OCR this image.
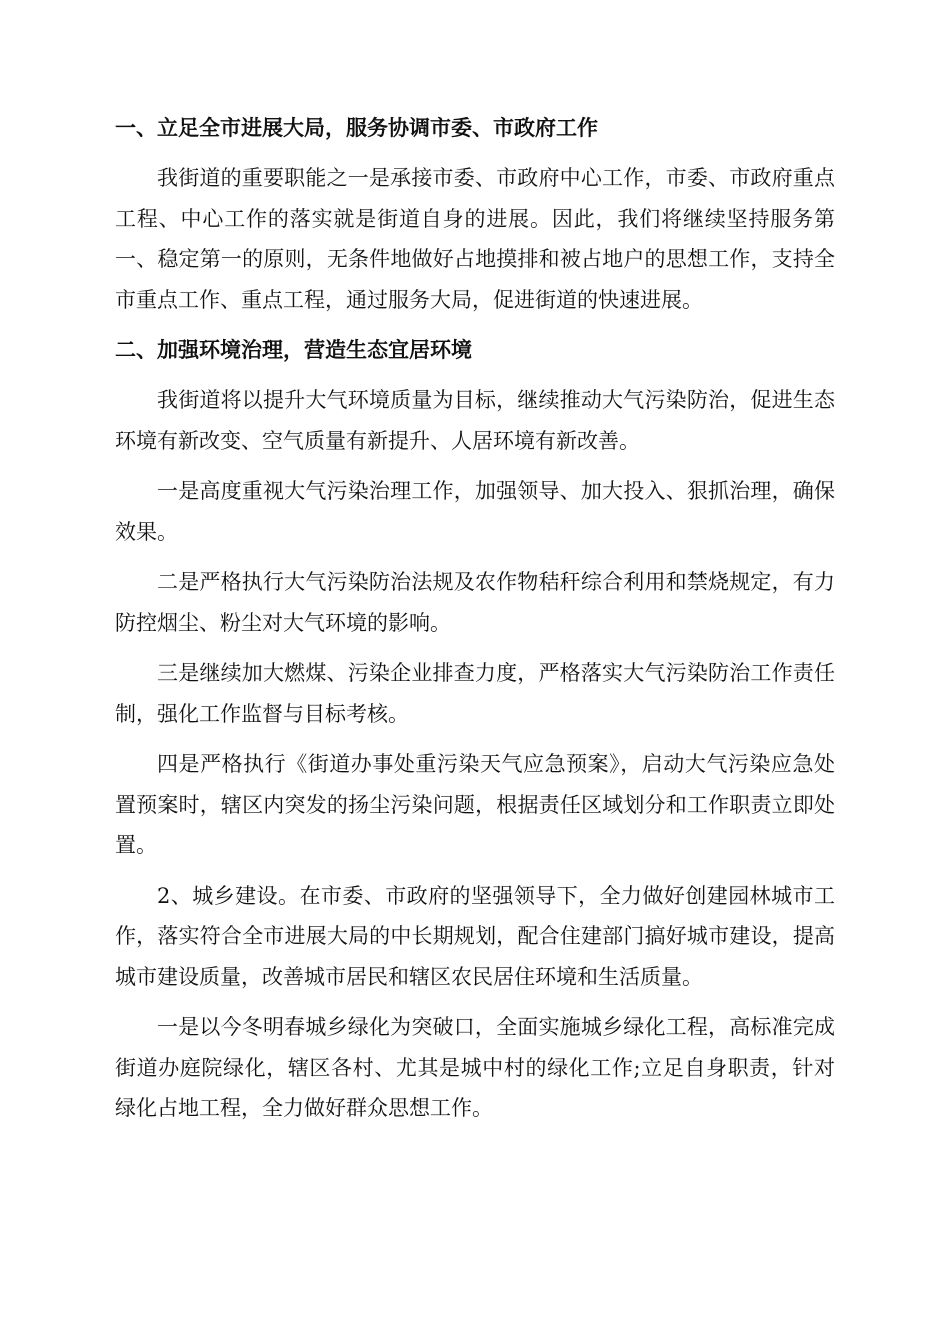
一、立足全市进展大局，服务协调市委、市政府工作

我街道的重要职能之一是承接市委、市政府中心工作，市委、市政府重点工程、中心工作的落实就是街道自身的进展。因此，我们将继续坚持服务第一、稳定第一的原则，无条件地做好占地摸排和被占地户的思想工作，支持全市重点工作、重点工程，通过服务大局，促进街道的快速进展。

二、加强环境治理，营造生态宜居环境

我街道将以提升大气环境质量为目标，继续推动大气污染防治，促进生态环境有新改变、空气质量有新提升、人居环境有新改善。

一是高度重视大气污染治理工作，加强领导、加大投入、狠抓治理，确保效果。

二是严格执行大气污染防治法规及农作物秸秆综合利用和禁烧规定，有力防控烟尘、粉尘对大气环境的影响。

三是继续加大燃煤、污染企业排查力度，严格落实大气污染防治工作责任制，强化工作监督与目标考核。

四是严格执行《街道办事处重污染天气应急预案》，启动大气污染应急处置预案时，辖区内突发的扬尘污染问题，根据责任区域划分和工作职责立即处置。

2、城乡建设。在市委、市政府的坚强领导下，全力做好创建园林城市工作，落实符合全市进展大局的中长期规划，配合住建部门搞好城市建设，提高城市建设质量，改善城市居民和辖区农民居住环境和生活质量。

一是以今冬明春城乡绿化为突破口，全面实施城乡绿化工程，高标准完成街道办庭院绿化，辖区各村、尤其是城中村的绿化工作;立足自身职责，针对绿化占地工程，全力做好群众思想工作。
